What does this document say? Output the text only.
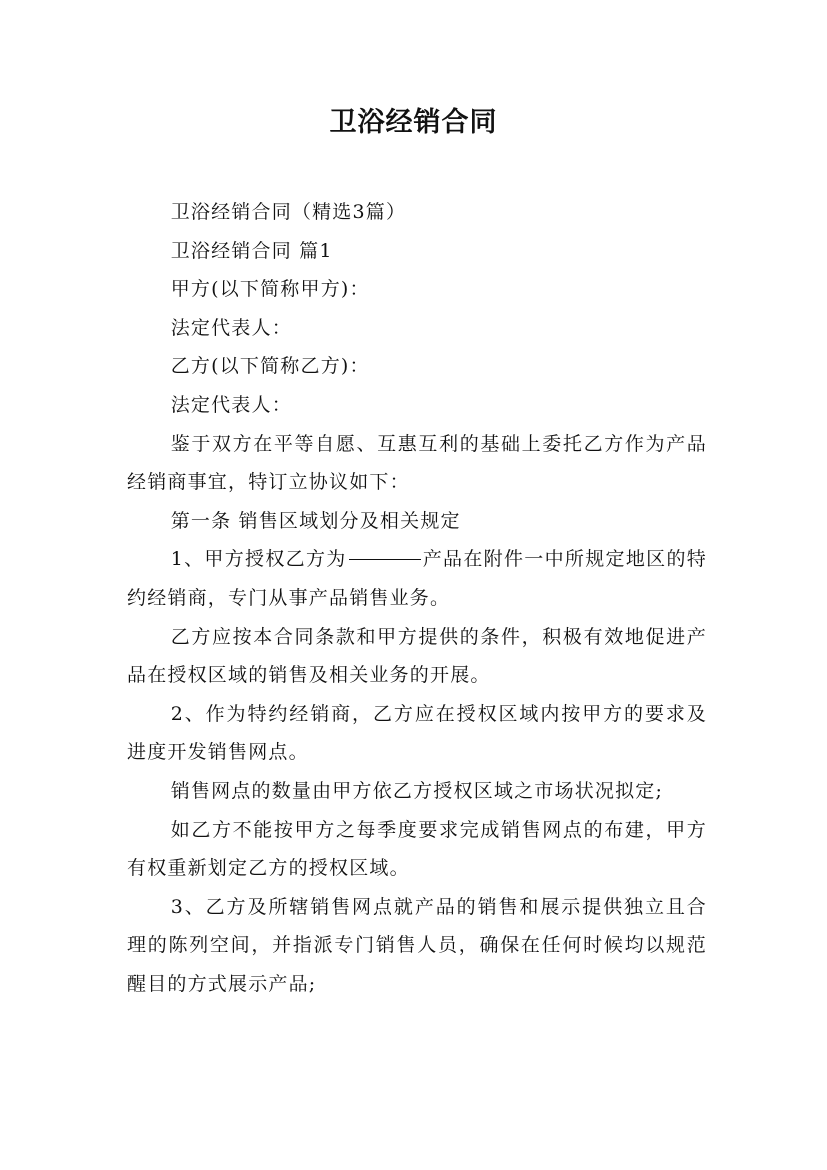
卫浴经销合同

卫浴经销合同（精选3篇）

卫浴经销合同 篇1

甲方(以下简称甲方)：

法定代表人：

乙方(以下简称乙方)：

法定代表人：

鉴于双方在平等自愿、互惠互利的基础上委托乙方作为产品经销商事宜，特订立协议如下：

第一条 销售区域划分及相关规定

1、甲方授权乙方为	产品在附件一中所规定地区的特约经销商，专门从事产品销售业务。

乙方应按本合同条款和甲方提供的条件，积极有效地促进产品在授权区域的销售及相关业务的开展。

2、作为特约经销商，乙方应在授权区域内按甲方的要求及进度开发销售网点。

销售网点的数量由甲方依乙方授权区域之市场状况拟定;

如乙方不能按甲方之每季度要求完成销售网点的布建，甲方有权重新划定乙方的授权区域。

3、乙方及所辖销售网点就产品的销售和展示提供独立且合理的陈列空间，并指派专门销售人员，确保在任何时候均以规范醒目的方式展示产品;
